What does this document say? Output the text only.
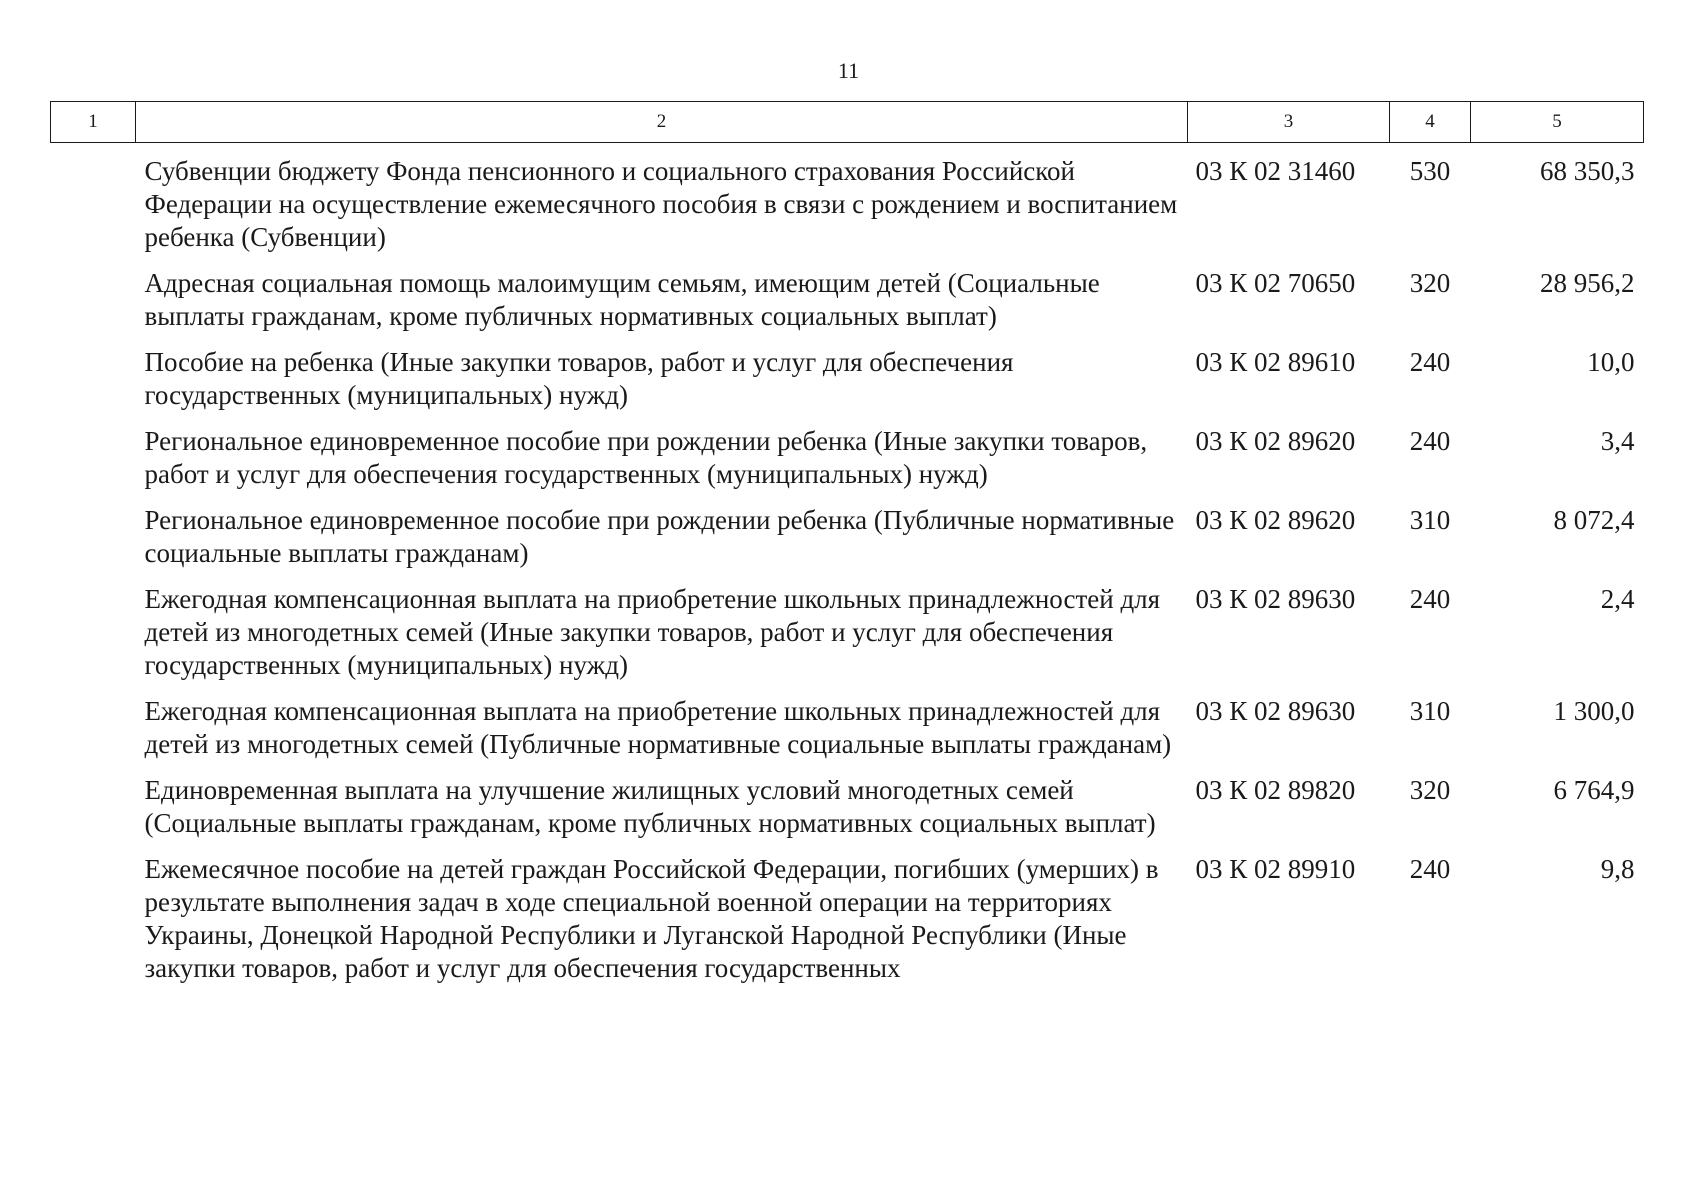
11
1	2	3	4	5
	Субвенции бюджету Фонда пенсионного и социального страхования Российской Федерации на осуществление ежемесячного пособия в связи с рождением и воспитанием ребенка (Субвенции)	03 К 02 31460	530	68 350,3
	Адресная социальная помощь малоимущим семьям, имеющим детей (Социальные выплаты гражданам, кроме публичных нормативных социальных выплат)	03 К 02 70650	320	28 956,2
	Пособие на ребенка (Иные закупки товаров, работ и услуг для обеспечения государственных (муниципальных) нужд)	03 К 02 89610	240	10,0
	Региональное единовременное пособие при рождении ребенка (Иные закупки товаров, работ и услуг для обеспечения государственных (муниципальных) нужд)	03 К 02 89620	240	3,4
	Региональное единовременное пособие при рождении ребенка (Публичные нормативные социальные выплаты гражданам)	03 К 02 89620	310	8 072,4
	Ежегодная компенсационная выплата на приобретение школьных принадлежностей для детей из многодетных семей (Иные закупки товаров, работ и услуг для обеспечения государственных (муниципальных) нужд)	03 К 02 89630	240	2,4
	Ежегодная компенсационная выплата на приобретение школьных принадлежностей для детей из многодетных семей (Публичные нормативные социальные выплаты гражданам)	03 К 02 89630	310	1 300,0
	Единовременная выплата на улучшение жилищных условий многодетных семей (Социальные выплаты гражданам, кроме публичных нормативных социальных выплат)	03 К 02 89820	320	6 764,9
	Ежемесячное пособие на детей граждан Российской Федерации, погибших (умерших) в результате выполнения задач в ходе специальной военной операции на территориях Украины, Донецкой Народной Республики и Луганской Народной Республики (Иные закупки товаров, работ и услуг для обеспечения государственных	03 К 02 89910	240	9,8
